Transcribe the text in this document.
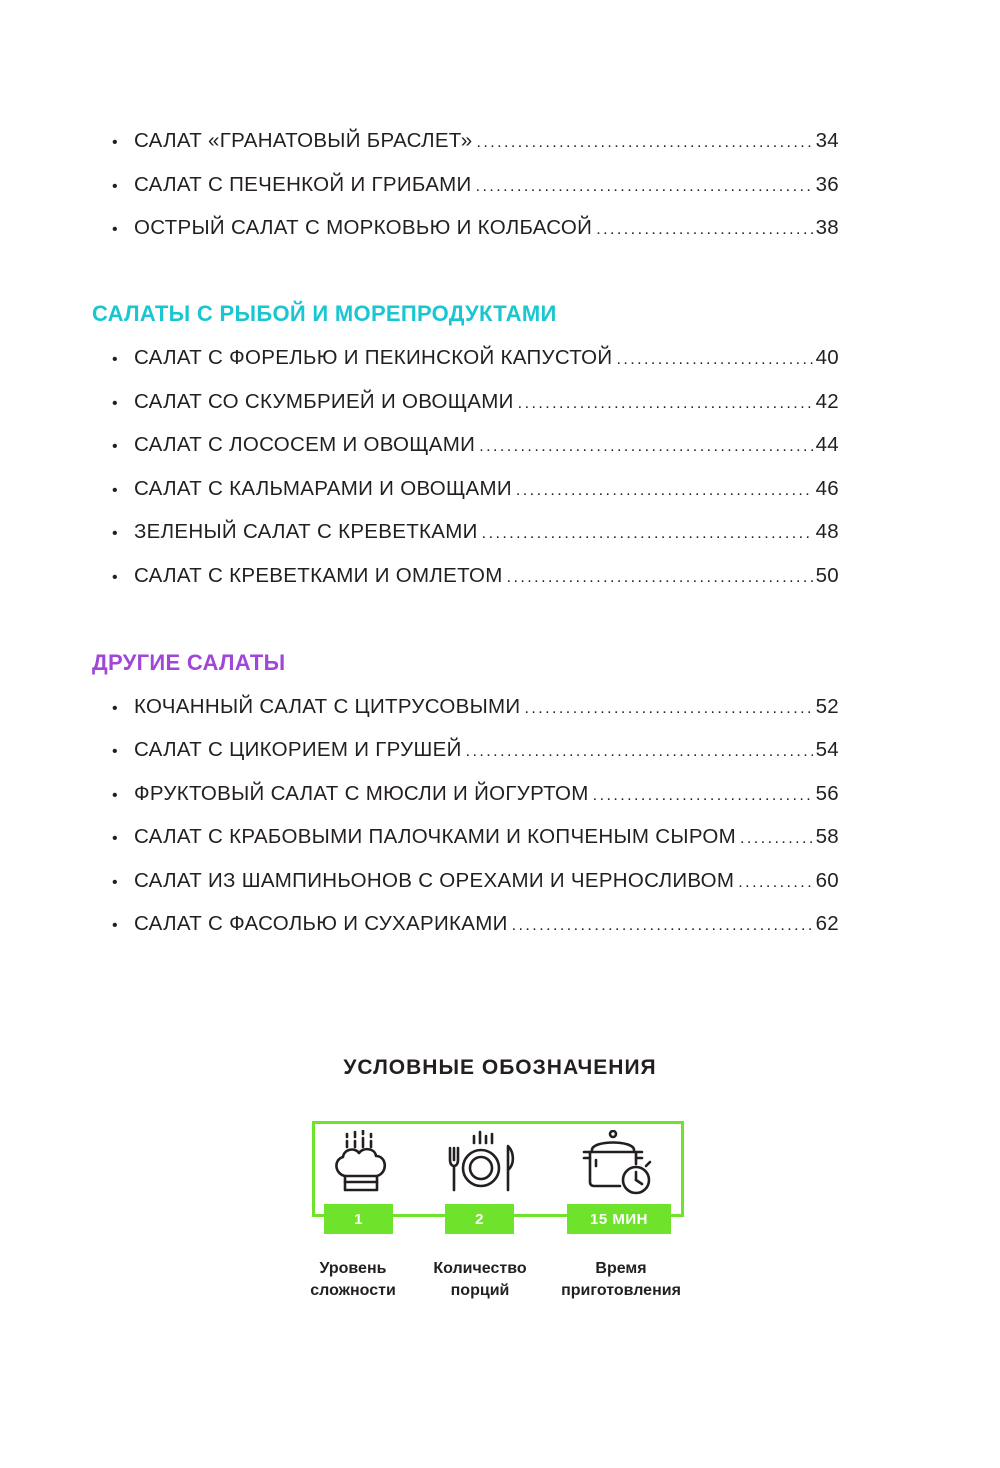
• САЛАТ «ГРАНАТОВЫЙ БРАСЛЕТ» . . .	34
• САЛАТ С ПЕЧЕНКОЙ И ГРИБАМИ . . .	36
• ОСТРЫЙ САЛАТ С МОРКОВЬЮ И КОЛБАСОЙ . . .	38
САЛАТЫ С РЫБОЙ И МОРЕПРОДУКТАМИ
• САЛАТ С ФОРЕЛЬЮ И ПЕКИНСКОЙ КАПУСТОЙ . . .	40
• САЛАТ СО СКУМБРИЕЙ И ОВОЩАМИ . . .	42
• САЛАТ С ЛОСОСЕМ И ОВОЩАМИ . . .	44
• САЛАТ С КАЛЬМАРАМИ И ОВОЩАМИ . . .	46
• ЗЕЛЕНЫЙ САЛАТ С КРЕВЕТКАМИ . . .	48
• САЛАТ С КРЕВЕТКАМИ И ОМЛЕТОМ . . .	50
ДРУГИЕ САЛАТЫ
• КОЧАННЫЙ САЛАТ С ЦИТРУСОВЫМИ . . .	52
• САЛАТ С ЦИКОРИЕМ И ГРУШЕЙ . . .	54
• ФРУКТОВЫЙ САЛАТ С МЮСЛИ И ЙОГУРТОМ . . .	56
• САЛАТ С КРАБОВЫМИ ПАЛОЧКАМИ И КОПЧЕНЫМ СЫРОМ . . .	58
• САЛАТ ИЗ ШАМПИНЬОНОВ С ОРЕХАМИ И ЧЕРНОСЛИВОМ . . .	60
• САЛАТ С ФАСОЛЬЮ И СУХАРИКАМИ . . .	62
УСЛОВНЫЕ ОБОЗНАЧЕНИЯ
1	2	15 МИН
Уровень
сложности
Количество
порций
Время
приготовления
